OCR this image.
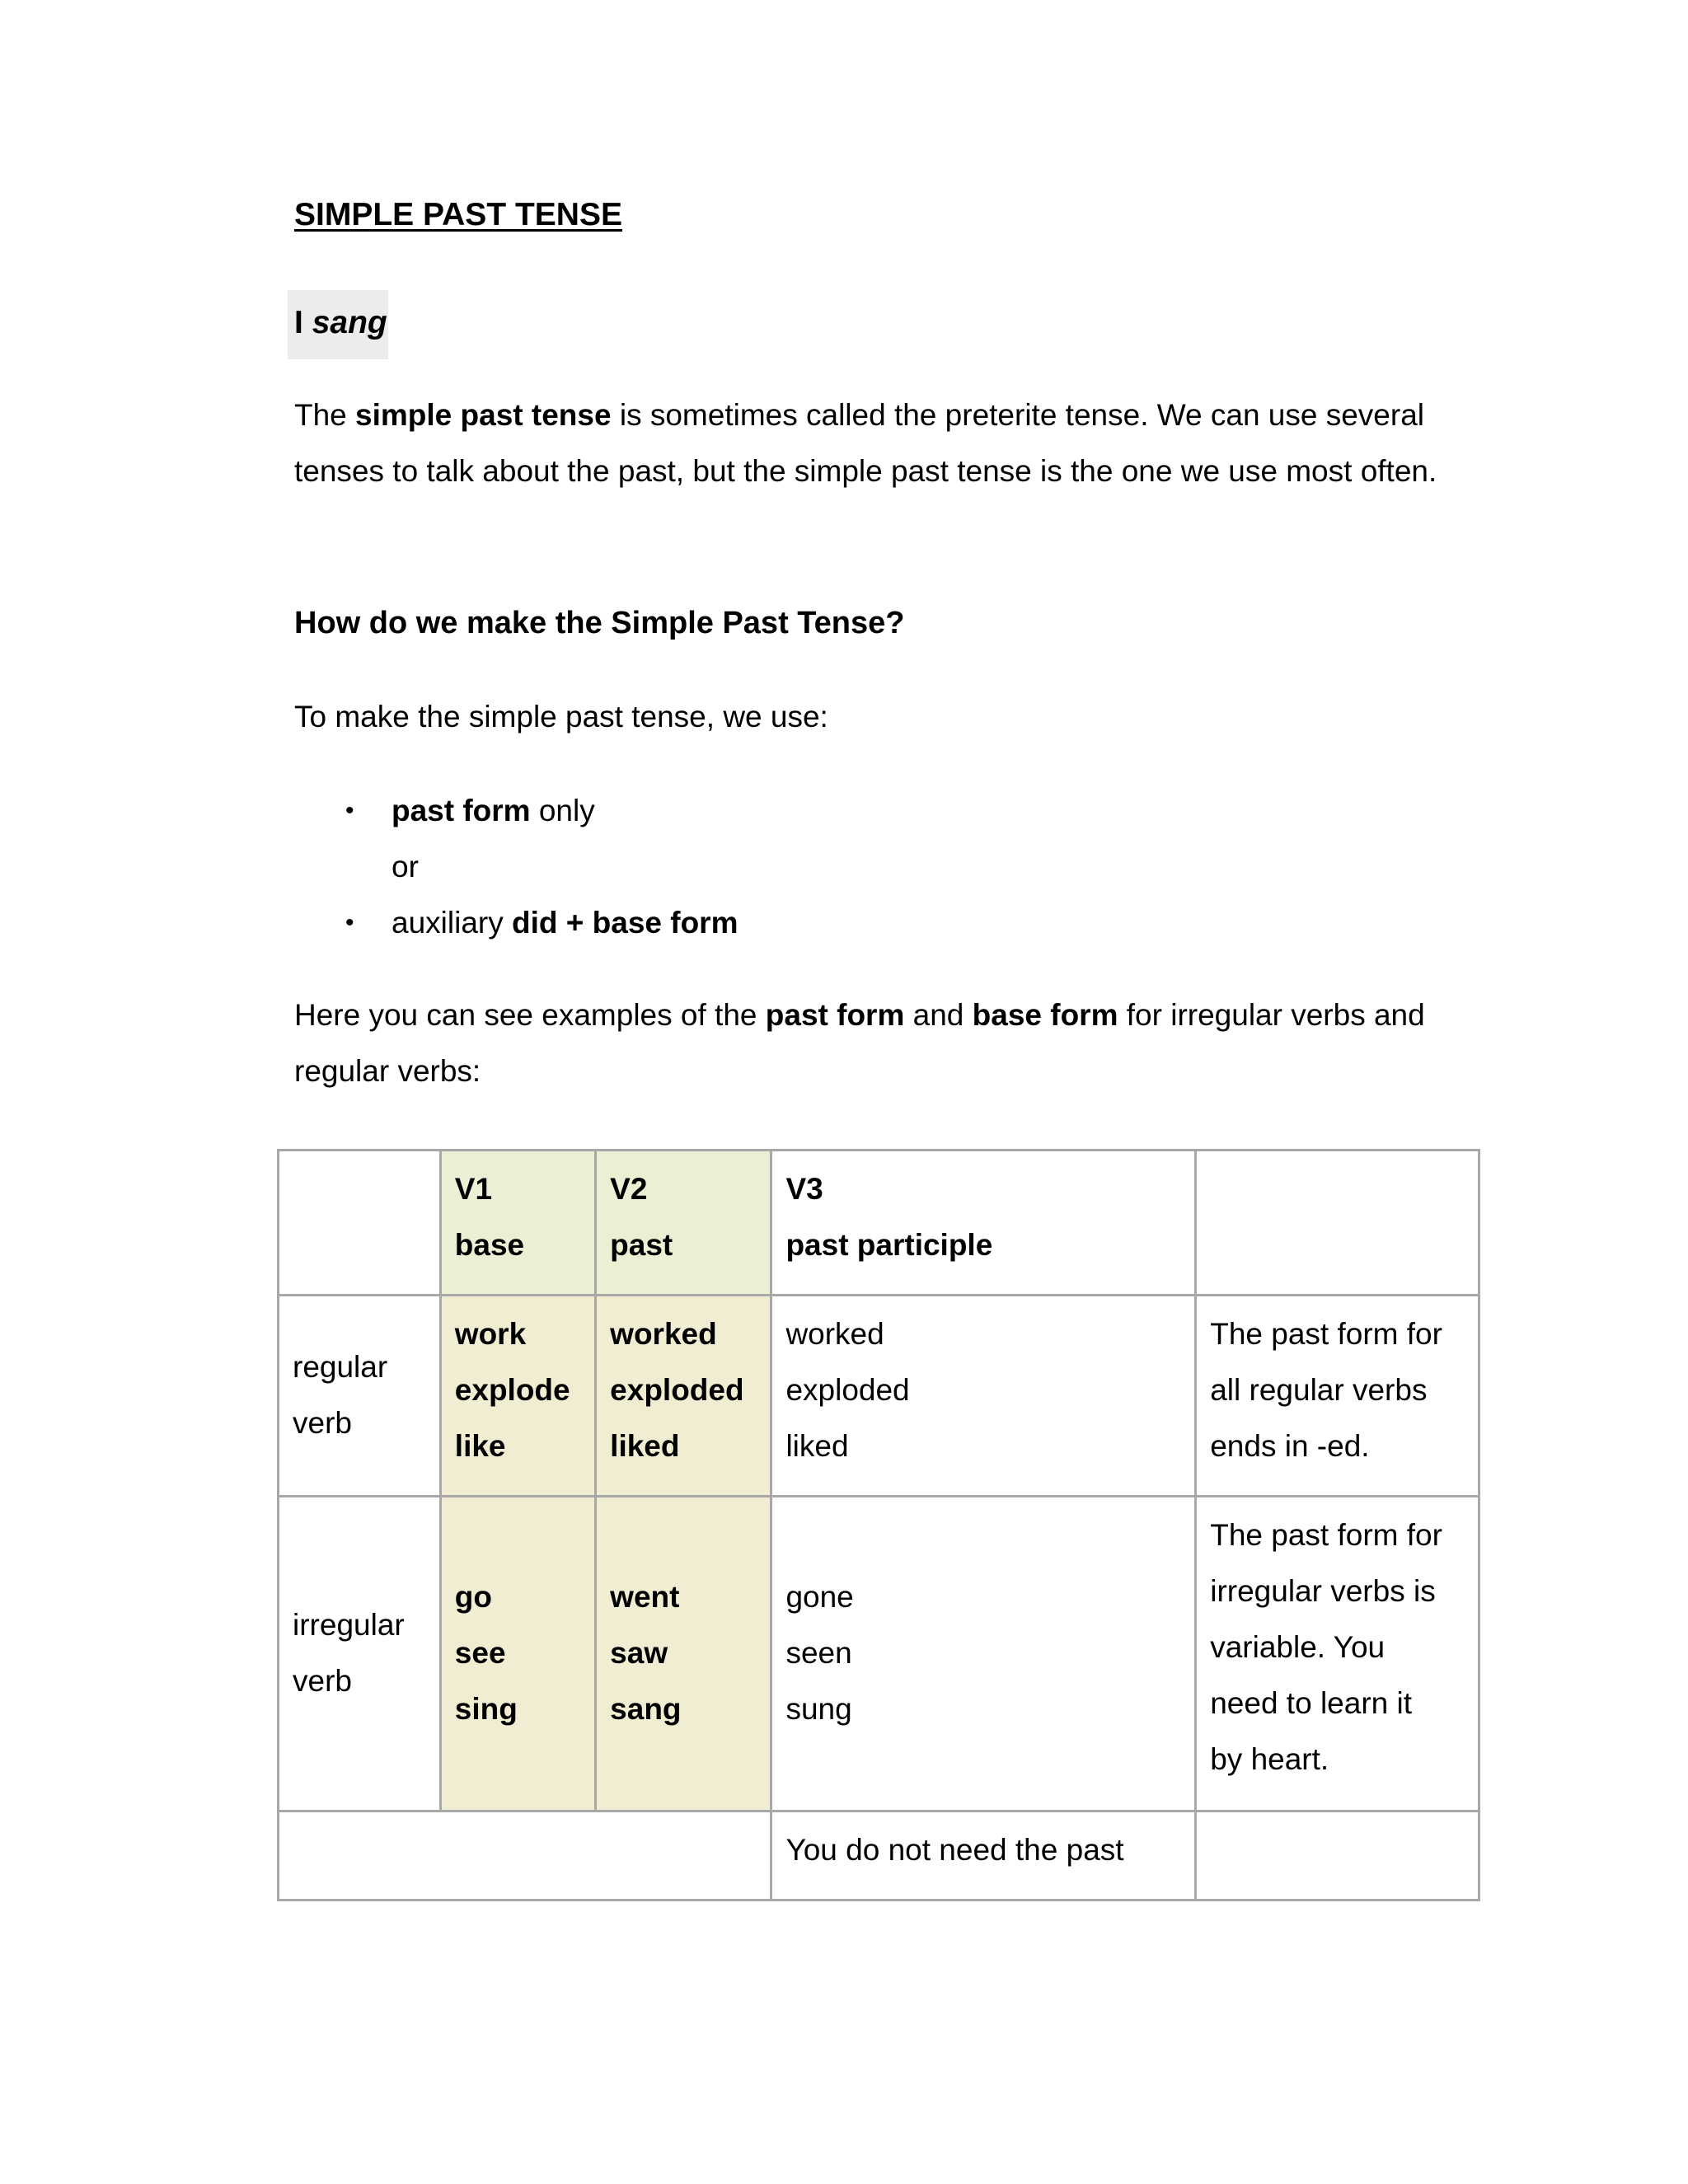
SIMPLE PAST TENSE
I sang

The simple past tense is sometimes called the preterite tense. We can use several tenses to talk about the past, but the simple past tense is the one we use most often.

How do we make the Simple Past Tense?

To make the simple past tense, we use:

• past form only
or
• auxiliary did + base form

Here you can see examples of the past form and base form for irregular verbs and regular verbs:

	V1
base	V2
past	V3
past participle	

regular
verb	work
explode
like	worked
exploded
liked	worked
exploded
liked	The past form for
all regular verbs
ends in -ed.

irregular
verb	go
see
sing	went
saw
sang	gone
seen
sung	The past form for
irregular verbs is
variable. You
need to learn it
by heart.

			You do not need the past	
